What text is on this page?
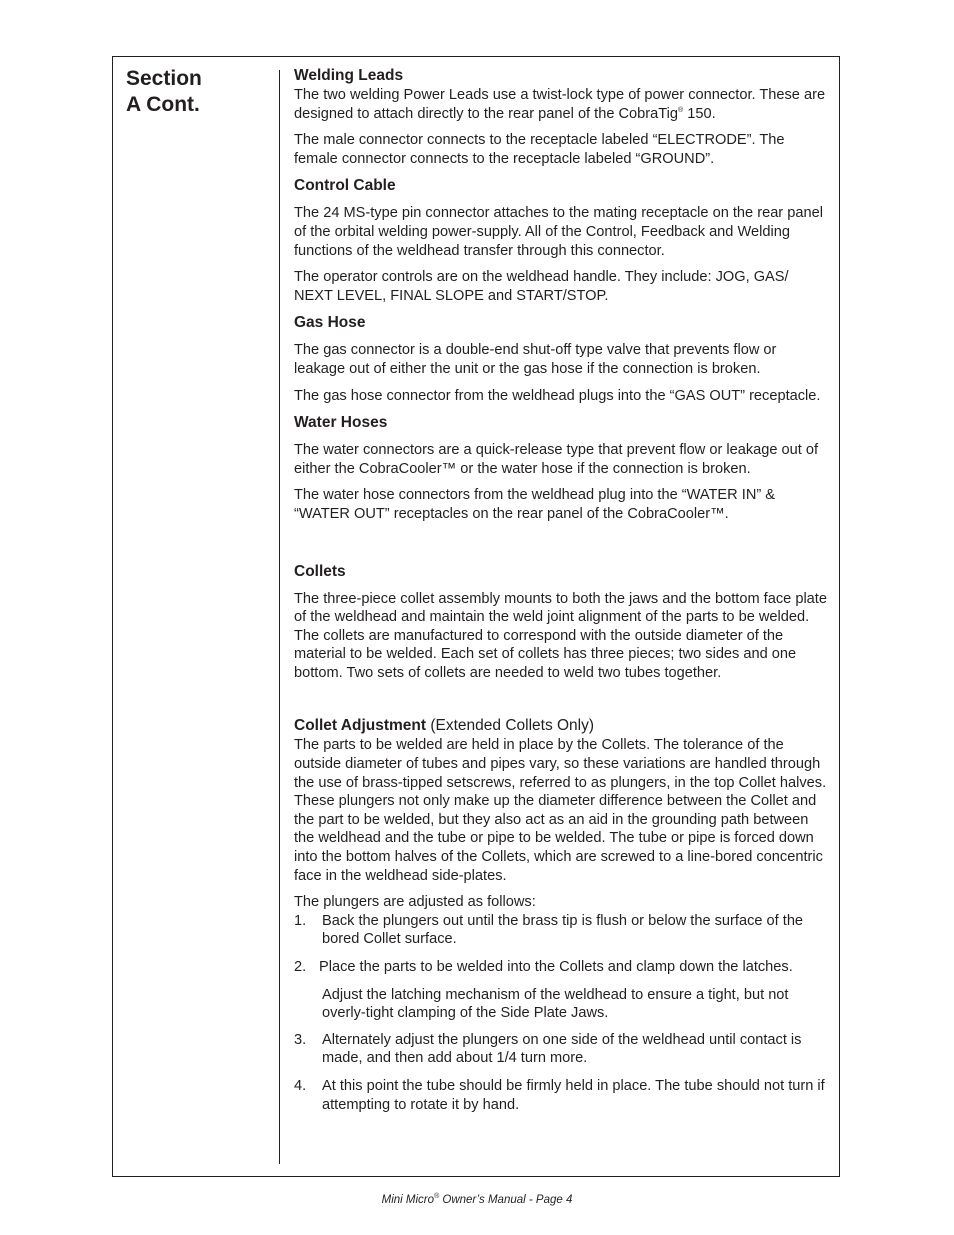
Section
A Cont.
Welding Leads

The two welding Power Leads use a twist-lock type of power connector. These are designed to attach directly to the rear panel of the CobraTig® 150.

The male connector connects to the receptacle labeled “ELECTRODE”. The female connector connects to the receptacle labeled “GROUND”.

Control Cable

The 24 MS-type pin connector attaches to the mating receptacle on the rear panel of the orbital welding power-supply. All of the Control, Feedback and Welding functions of the weldhead transfer through this connector.

The operator controls are on the weldhead handle. They include: JOG, GAS/ NEXT LEVEL, FINAL SLOPE and START/STOP.

Gas Hose

The gas connector is a double-end shut-off type valve that prevents flow or leakage out of either the unit or the gas hose if the connection is broken.

The gas hose connector from the weldhead plugs into the “GAS OUT” receptacle.

Water Hoses

The water connectors are a quick-release type that prevent flow or leakage out of either the CobraCooler™ or the water hose if the connection is broken.

The water hose connectors from the weldhead plug into the “WATER IN” & “WATER OUT” receptacles on the rear panel of the CobraCooler™.

Collets

The three-piece collet assembly mounts to both the jaws and the bottom face plate of the weldhead and maintain the weld joint alignment of the parts to be welded. The collets are manufactured to correspond with the outside diameter of the material to be welded. Each set of collets has three pieces; two sides and one bottom. Two sets of collets are needed to weld two tubes together.

Collet Adjustment (Extended Collets Only)

The parts to be welded are held in place by the Collets. The tolerance of the outside diameter of tubes and pipes vary, so these variations are handled through the use of brass-tipped setscrews, referred to as plungers, in the top Collet halves. These plungers not only make up the diameter difference between the Collet and the part to be welded, but they also act as an aid in the grounding path between the weldhead and the tube or pipe to be welded. The tube or pipe is forced down into the bottom halves of the Collets, which are screwed to a line-bored concentric face in the weldhead side-plates.

The plungers are adjusted as follows:

1.	Back the plungers out until the brass tip is flush or below the surface of the bored Collet surface.
2. Place the parts to be welded into the Collets and clamp down the latches.

Adjust the latching mechanism of the weldhead to ensure a tight, but not overly-tight clamping of the Side Plate Jaws.

3.	Alternately adjust the plungers on one side of the weldhead until contact is made, and then add about 1/4 turn more.
4.	At this point the tube should be firmly held in place. The tube should not turn if attempting to rotate it by hand.
Mini Micro® Owner’s Manual - Page 4
